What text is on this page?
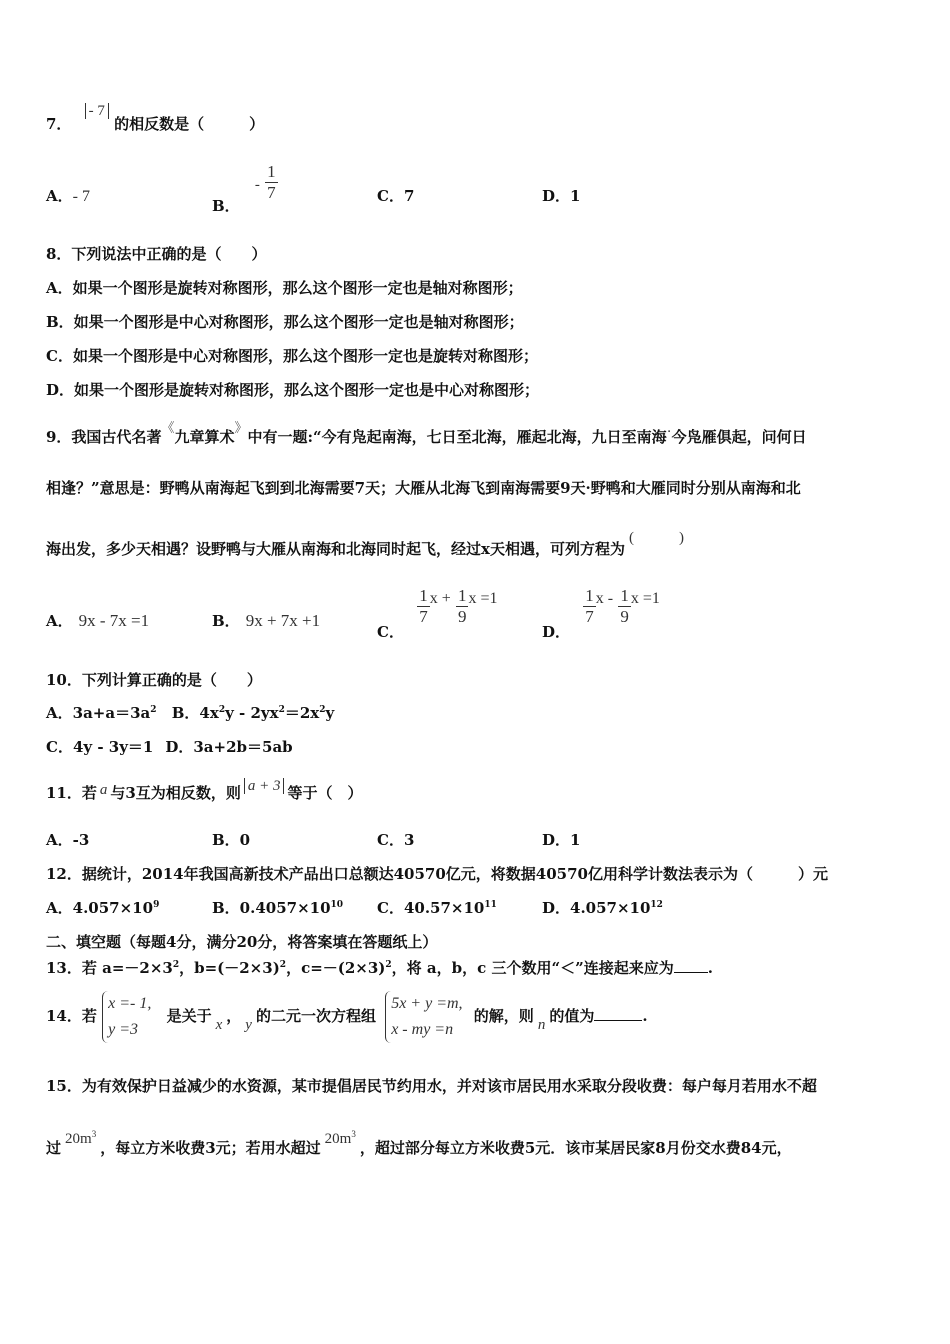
7． - 7 的相反数是（　　　）
A．- 7	B． - $\frac{1}{7}$	C．7	D．1
8．下列说法中正确的是（　　）
A．如果一个图形是旋转对称图形，那么这个图形一定也是轴对称图形；
B．如果一个图形是中心对称图形，那么这个图形一定也是轴对称图形；
C．如果一个图形是中心对称图形，那么这个图形一定也是旋转对称图形；
D．如果一个图形是旋转对称图形，那么这个图形一定也是中心对称图形；
9．我国古代名著《九章算术》中有一题:“今有凫起南海，七日至北海，雁起北海，九日至南海·今凫雁俱起，问何日
相逢？”意思是：野鸭从南海起飞到到北海需要7天；大雁从北海飞到南海需要9天·野鸭和大雁同时分别从南海和北
海出发，多少天相遇？设野鸭与大雁从南海和北海同时起飞，经过x天相遇，可列方程为(　　　)
A． 9x - 7x =1	B． 9x + 7x +1
C．
$\frac{1}{7}$ $x + \frac{1}{9}$ x =1
D．
$\frac{1}{7}$ x - $\frac{1}{9}$ x =1
10．下列计算正确的是（　　）
A．$3a+a=3a^2$ B．$4x^2y - 2yx^2=2x^2y$
C．4y - 3y＝1 D．3a+2b＝5ab
11．若 a 与3互为相反数，则 a + 3 等于（　）
A．-3	B．0	C．3	D．1
12．据统计，2014年我国高新技术产品出口总额达40570亿元，将数据40570亿用科学计数法表示为（　　　）元
A．$4.057\times 10^9$	B．$0.4057\times 10^{10}$ C．$40.57\times 10^{11}$	D．$4.057\times 10^{12}$
二、填空题（每题4分，满分20分，将答案填在答题纸上）
13．若 $a=-2\times 3^2$，$b=(-2\times 3)^2$，$c=-(2\times 3)^2$，将 a，b，c 三个数用“＜”连接起来应为 .
14．若
x =- 1,
y =3
是关于 x ， y 的二元一次方程组
5x + y =m,
x - my =n
的解，则 n 的值为	.
15．为有效保护日益减少的水资源，某市提倡居民节约用水，并对该市居民用水采取分段收费：每户每月若用水不超
过 $20m^3$，每立方米收费3元；若用水超过 $20m^3$，超过部分每立方米收费5元．该市某居民家8月份交水费84元，
